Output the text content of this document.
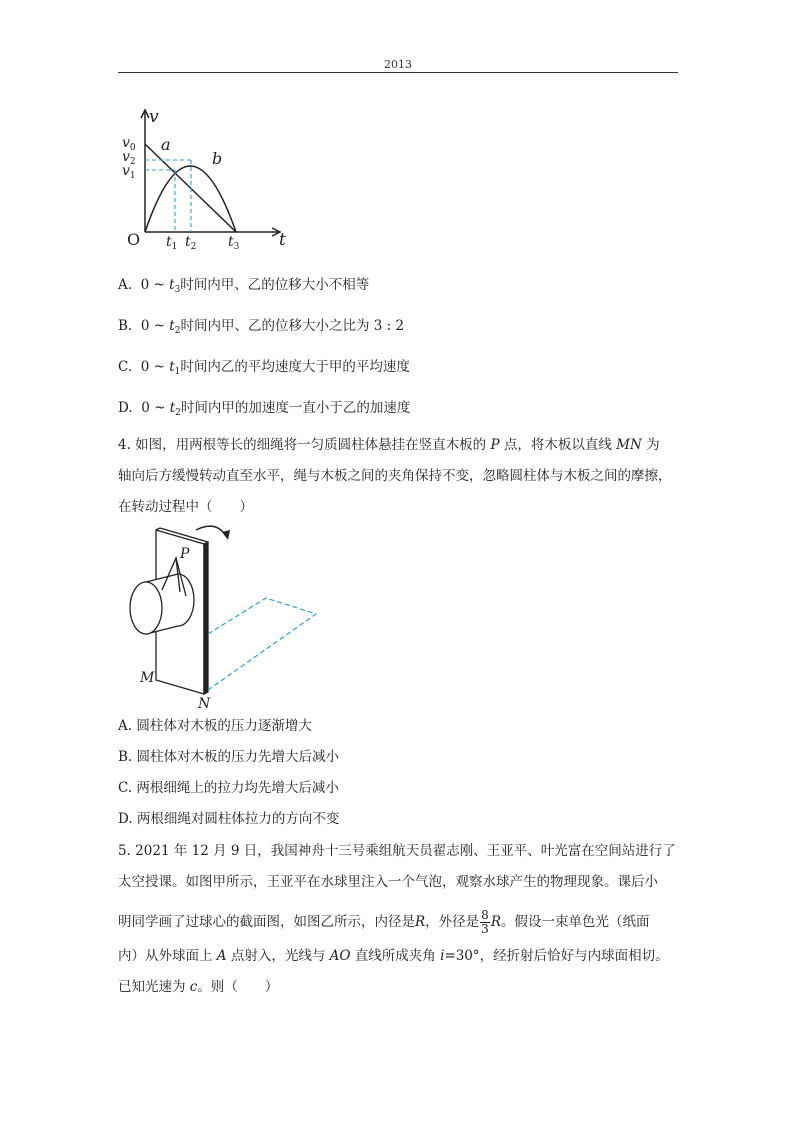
2013
v
t
O
$v_0$
$v_2$
$v_1$
$t_1$ $t_2$ $t_3$
a
b
A. 0 ~ $t_3$时间内甲、乙的位移大小不相等
B. 0 ~ $t_2$时间内甲、乙的位移大小之比为 3 : 2
C. 0 ~ $t_1$时间内乙的平均速度大于甲的平均速度
D. 0 ~ $t_2$时间内甲的加速度一直小于乙的加速度
4. 如图，用两根等长的细绳将一匀质圆柱体悬挂在竖直木板的 P 点，将木板以直线 MN 为
轴向后方缓慢转动直至水平，绳与木板之间的夹角保持不变，忽略圆柱体与木板之间的摩擦，
在转动过程中（　　）
P
M
N
A. 圆柱体对木板的压力逐渐增大
B. 圆柱体对木板的压力先增大后减小
C. 两根细绳上的拉力均先增大后减小
D. 两根细绳对圆柱体拉力的方向不变
5. 2021 年 12 月 9 日，我国神舟十三号乘组航天员翟志刚、王亚平、叶光富在空间站进行了
太空授课。如图甲所示，王亚平在水球里注入一个气泡，观察水球产生的物理现象。课后小
明同学画了过球心的截面图，如图乙所示，内径是R，外径是 $\frac{8}{3}$ R。假设一束单色光（纸面
内）从外球面上 A 点射入，光线与 AO 直线所成夹角 i=30°，经折射后恰好与内球面相切。
已知光速为 c。则（　　）
